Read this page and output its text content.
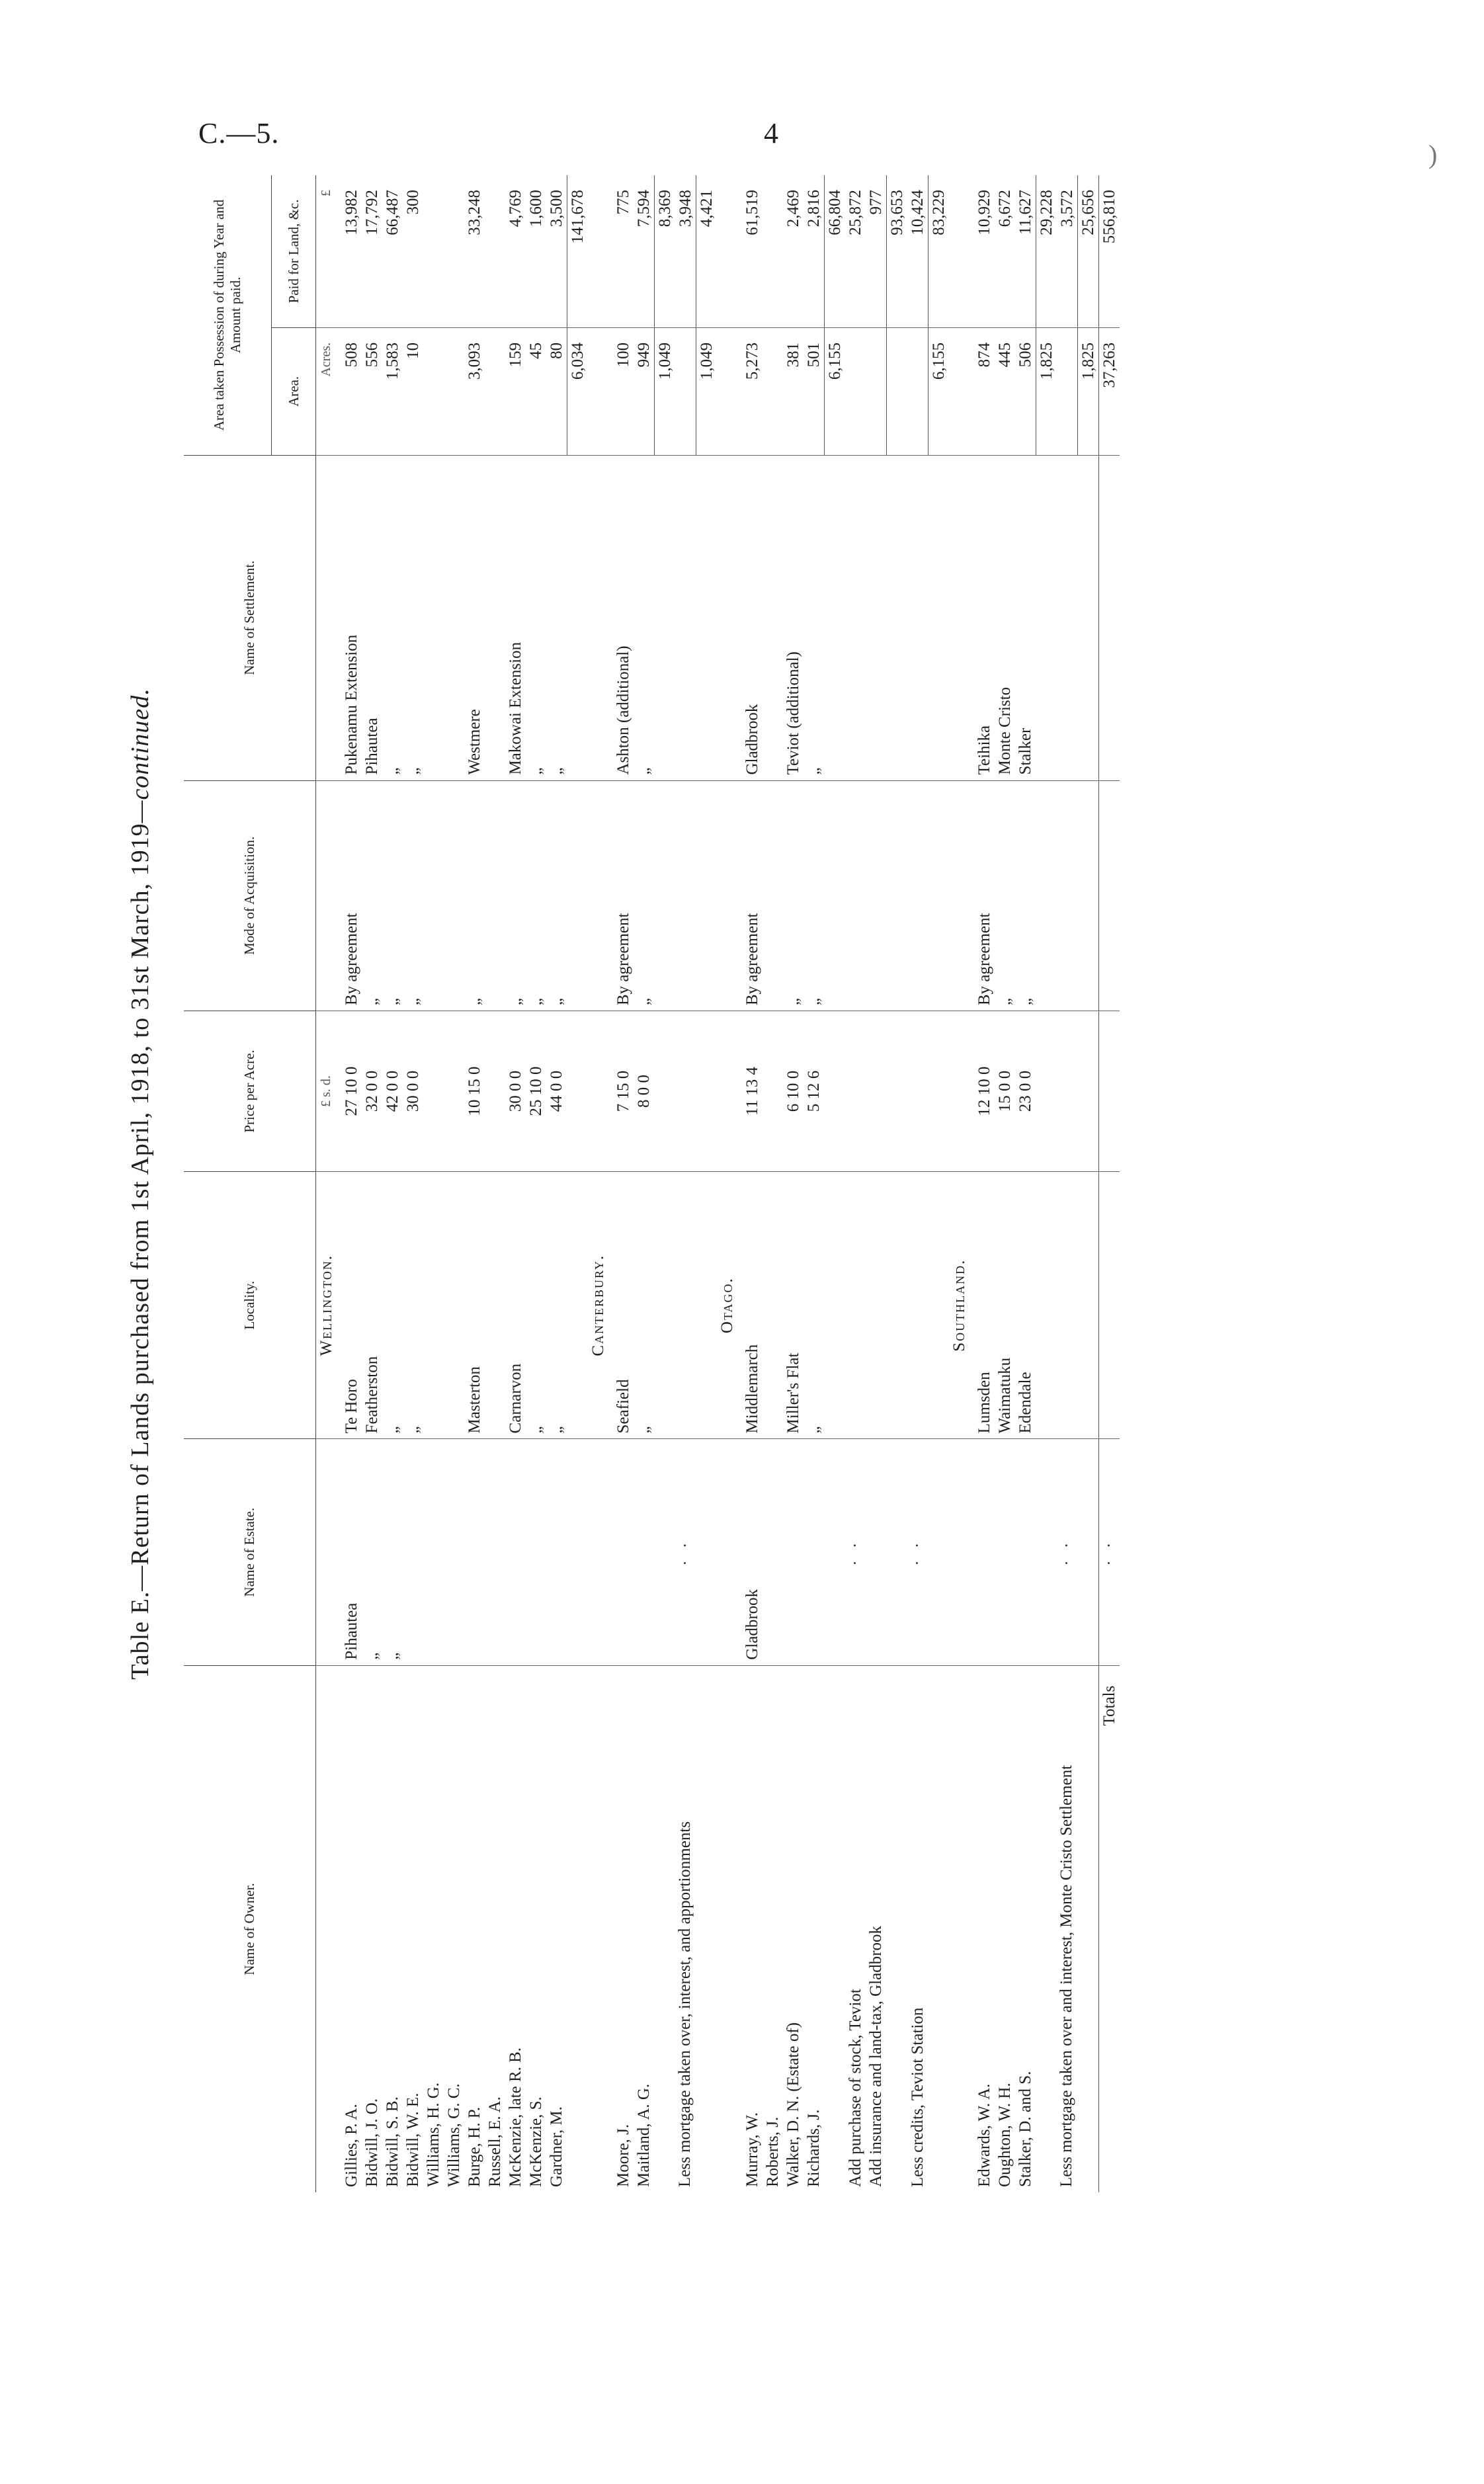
C.—5.	4
)
Table E.—Return of Lands purchased from 1st April, 1918, to 31st March, 1919—continued.
Name of Owner.	Name of Estate.	Locality.	Price per Acre.	Mode of Acquisition.	Name of Settlement.	Area taken Possession of during Year and Amount paid.	
						Area.	Paid for Land, &c.
		Wellington.	£ s. d.			Acres.	£
Gillies, P. A.	Pihautea	Te Horo	27 10 0	By agreement	Pukenamu Extension	508	13,982
Bidwill, J. O.	„	Featherston	32 0 0	„	Pihautea	556	17,792
Bidwill, S. B.	„	„	42 0 0	„	„	1,583	66,487
Bidwill, W. E.		„	30 0 0	„	„	10	300
Williams, H. G.							
Williams, G. C.							
Burge, H. P.		Masterton	10 15 0	„	Westmere	3,093	33,248
Russell, E. A.							
McKenzie, late R. B.		Carnarvon	30 0 0	„	Makowai Extension	159	4,769
McKenzie, S.		„	25 10 0	„	„	45	1,600
Gardner, M.		„	44 0 0	„	„	80	3,500
						6,034	141,678
		Canterbury.					
Moore, J.		Seafield	7 15 0	By agreement	Ashton (additional)	100	775
Maitland, A. G.		„	8 0 0	„	„	949	7,594
						1,049	8,369
Less mortgage taken over, interest, and apportionments	· ·						3,948
						1,049	4,421
		Otago.					
Murray, W.	Gladbrook	Middlemarch	11 13 4	By agreement	Gladbrook	5,273	61,519
Roberts, J.							
Walker, D. N. (Estate of)		Miller's Flat	6 10 0	„	Teviot (additional)	381	2,469
Richards, J.		„	5 12 6	„	„	501	2,816
						6,155	66,804
Add purchase of stock, Teviot	· ·						25,872
Add insurance and land-tax, Gladbrook							977
							93,653
Less credits, Teviot Station	· ·						10,424
						6,155	83,229
		Southland.					
Edwards, W. A.		Lumsden	12 10 0	By agreement	Teihika	874	10,929
Oughton, W. H.		Waimatuku	15 0 0	„	Monte Cristo	445	6,672
Stalker, D. and S.		Edendale	23 0 0	„	Stalker	506	11,627
						1,825	29,228
Less mortgage taken over and interest, Monte Cristo Settlement	· ·						3,572
						1,825	25,656
Totals	· ·					37,263	556,810
